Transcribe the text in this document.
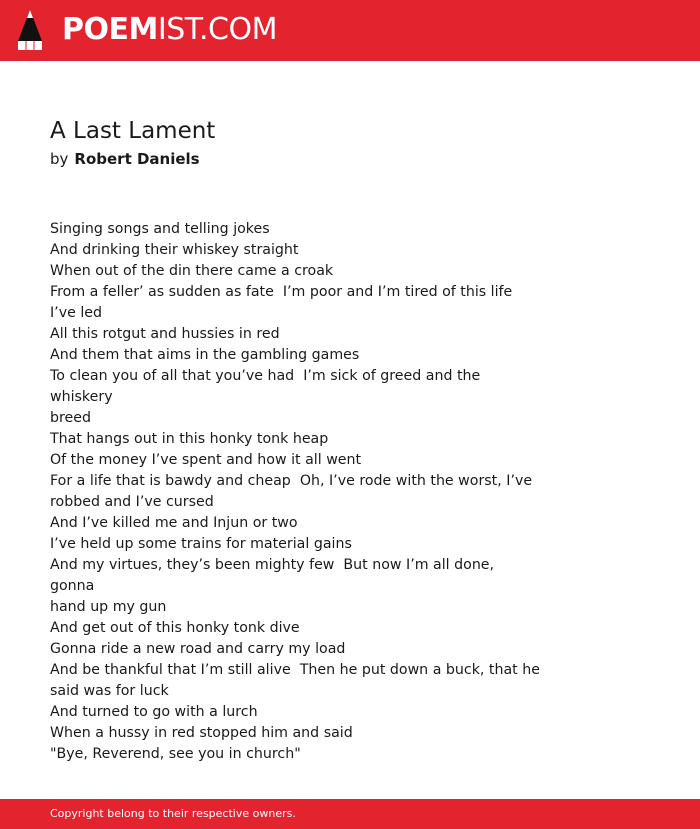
POEMIST.COM
A Last Lament
by Robert Daniels
Singing songs and telling jokes
And drinking their whiskey straight
When out of the din there came a croak
From a feller’ as sudden as fate  I’m poor and I’m tired of this life
I’ve led
All this rotgut and hussies in red
And them that aims in the gambling games
To clean you of all that you’ve had  I’m sick of greed and the whiskery
breed
That hangs out in this honky tonk heap
Of the money I’ve spent and how it all went
For a life that is bawdy and cheap  Oh, I’ve rode with the worst, I’ve
robbed and I’ve cursed
And I’ve killed me and Injun or two
I’ve held up some trains for material gains
And my virtues, they’s been mighty few  But now I’m all done, gonna
hand up my gun
And get out of this honky tonk dive
Gonna ride a new road and carry my load
And be thankful that I’m still alive  Then he put down a buck, that he
said was for luck
And turned to go with a lurch
When a hussy in red stopped him and said
"Bye, Reverend, see you in church"
Copyright belong to their respective owners.
